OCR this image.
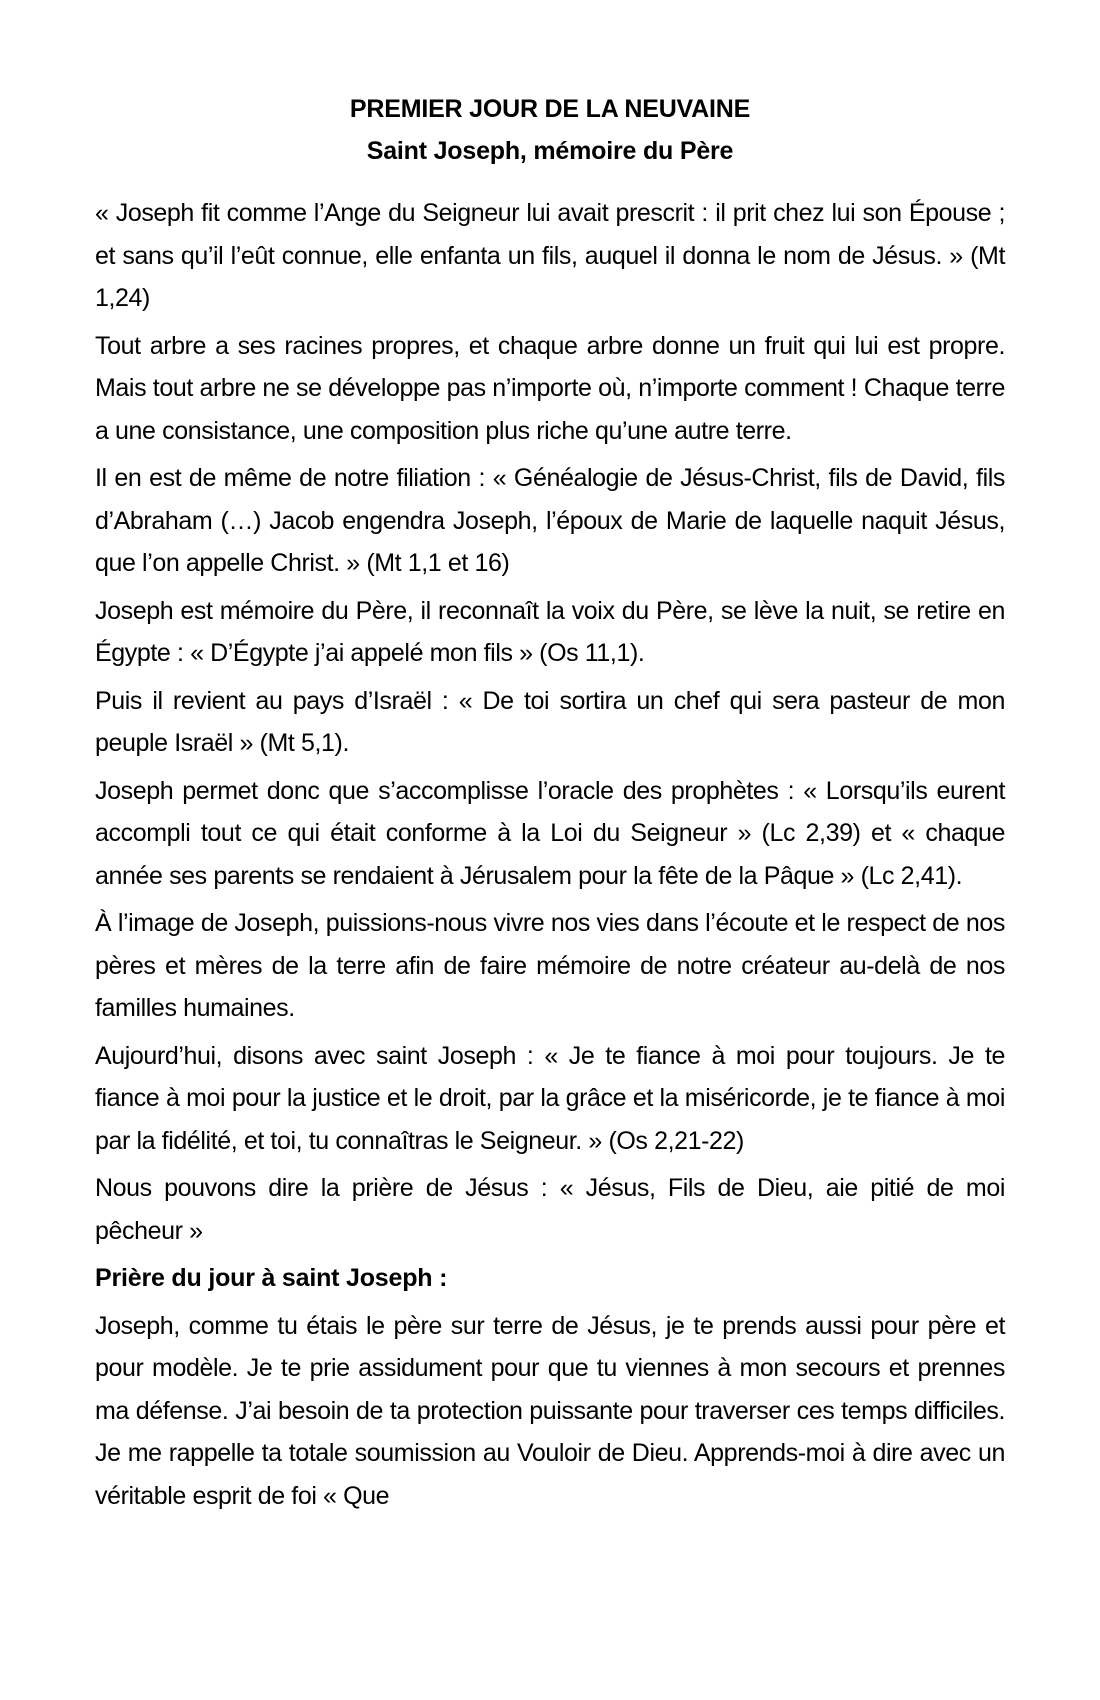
PREMIER JOUR DE LA NEUVAINE
Saint Joseph, mémoire du Père

« Joseph fit comme l’Ange du Seigneur lui avait prescrit : il prit chez lui son Épouse ; et sans qu’il l’eût connue, elle enfanta un fils, auquel il donna le nom de Jésus. » (Mt 1,24)

Tout arbre a ses racines propres, et chaque arbre donne un fruit qui lui est propre. Mais tout arbre ne se développe pas n’importe où, n’importe comment ! Chaque terre a une consistance, une composition plus riche qu’une autre terre.

Il en est de même de notre filiation : « Généalogie de Jésus-Christ, fils de David, fils d’Abraham (…) Jacob engendra Joseph, l’époux de Marie de laquelle naquit Jésus, que l’on appelle Christ. » (Mt 1,1 et 16)

Joseph est mémoire du Père, il reconnaît la voix du Père, se lève la nuit, se retire en Égypte : « D’Égypte j’ai appelé mon fils » (Os 11,1).

Puis il revient au pays d’Israël : « De toi sortira un chef qui sera pasteur de mon peuple Israël » (Mt 5,1).

Joseph permet donc que s’accomplisse l’oracle des prophètes : « Lorsqu’ils eurent accompli tout ce qui était conforme à la Loi du Seigneur » (Lc 2,39) et « chaque année ses parents se rendaient à Jérusalem pour la fête de la Pâque » (Lc 2,41).

À l’image de Joseph, puissions-nous vivre nos vies dans l’écoute et le respect de nos pères et mères de la terre afin de faire mémoire de notre créateur au-delà de nos familles humaines.

Aujourd’hui, disons avec saint Joseph : « Je te fiance à moi pour toujours. Je te fiance à moi pour la justice et le droit, par la grâce et la miséricorde, je te fiance à moi par la fidélité, et toi, tu connaîtras le Seigneur. » (Os 2,21-22)

Nous pouvons dire la prière de Jésus : « Jésus, Fils de Dieu, aie pitié de moi pêcheur »

Prière du jour à saint Joseph :

Joseph, comme tu étais le père sur terre de Jésus, je te prends aussi pour père et pour modèle. Je te prie assidument pour que tu viennes à mon secours et prennes ma défense. J’ai besoin de ta protection puissante pour traverser ces temps difficiles. Je me rappelle ta totale soumission au Vouloir de Dieu. Apprends-moi à dire avec un véritable esprit de foi « Que
